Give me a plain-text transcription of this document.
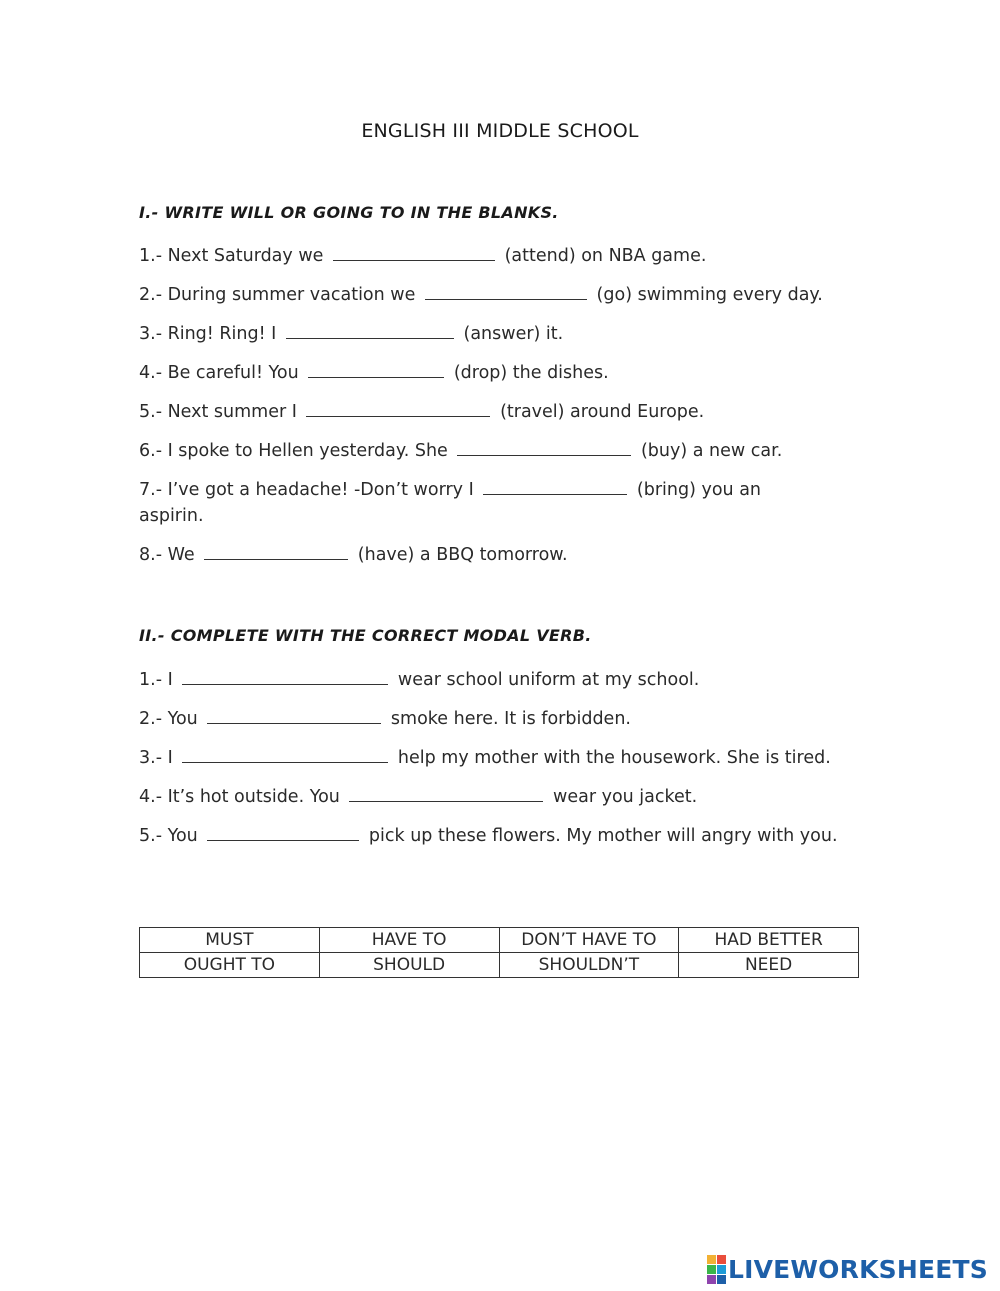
ENGLISH III MIDDLE SCHOOL
I.- WRITE WILL OR GOING TO IN THE BLANKS.
1.- Next Saturday we	(attend) on NBA game.
2.- During summer vacation we	(go) swimming every day.
3.- Ring! Ring! I	(answer) it.
4.- Be careful! You	(drop) the dishes.
5.- Next summer I	(travel) around Europe.
6.- I spoke to Hellen yesterday. She	(buy) a new car.
7.- I’ve got a headache! -Don’t worry I	(bring) you an aspirin.
8.- We	(have) a BBQ tomorrow.
II.- COMPLETE WITH THE CORRECT MODAL VERB.
1.- I	wear school uniform at my school.
2.- You	smoke here. It is forbidden.
3.- I	help my mother with the housework. She is tired.
4.- It’s hot outside. You	wear you jacket.
5.- You	pick up these flowers. My mother will angry with you.
MUST	HAVE TO	DON’T HAVE TO	HAD BETTER
OUGHT TO	SHOULD	SHOULDN’T	NEED
LIVEWORKSHEETS
